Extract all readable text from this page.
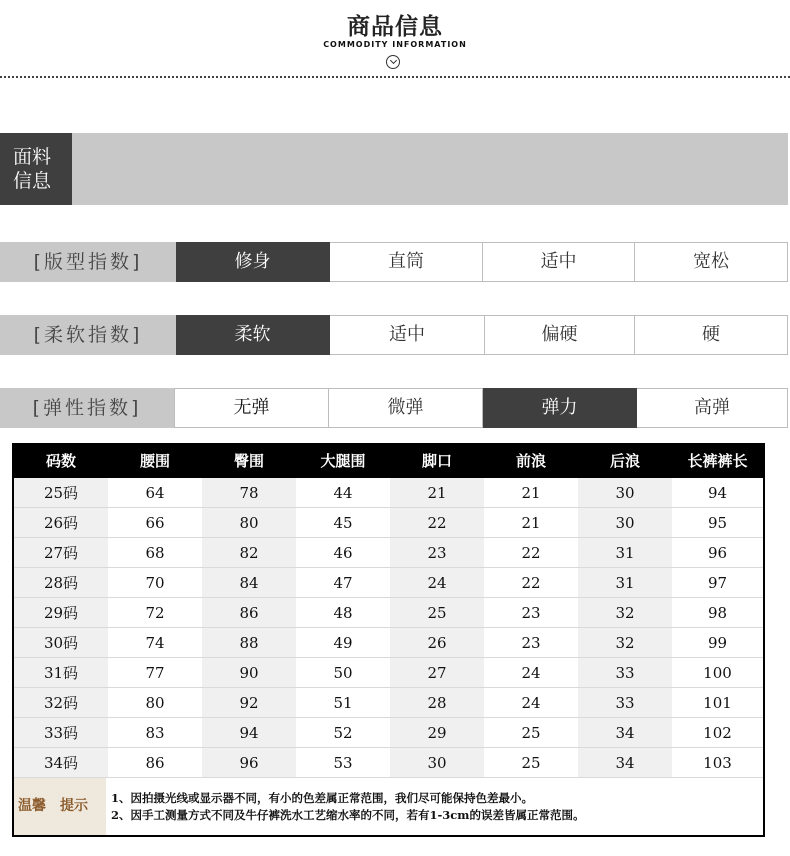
商品信息
COMMODITY INFORMATION
面料
信息
[版型指数]	修身	直筒	适中	宽松
[柔软指数]	柔软	适中	偏硬	硬
[弹性指数]	无弹	微弹	弹力	高弹
码数	腰围	臀围	大腿围	脚口	前浪	后浪	长裤裤长
25码	64	78	44	21	21	30	94
26码	66	80	45	22	21	30	95
27码	68	82	46	23	22	31	96
28码	70	84	47	24	22	31	97
29码	72	86	48	25	23	32	98
30码	74	88	49	26	23	32	99
31码	77	90	50	27	24	33	100
32码	80	92	51	28	24	33	101
33码	83	94	52	29	25	34	102
34码	86	96	53	30	25	34	103
温馨 提示	1、因拍摄光线或显示器不同，有小的色差属正常范围，我们尽可能保持色差最小。
2、因手工测量方式不同及牛仔裤洗水工艺缩水率的不同，若有1-3cm的误差皆属正常范围。
